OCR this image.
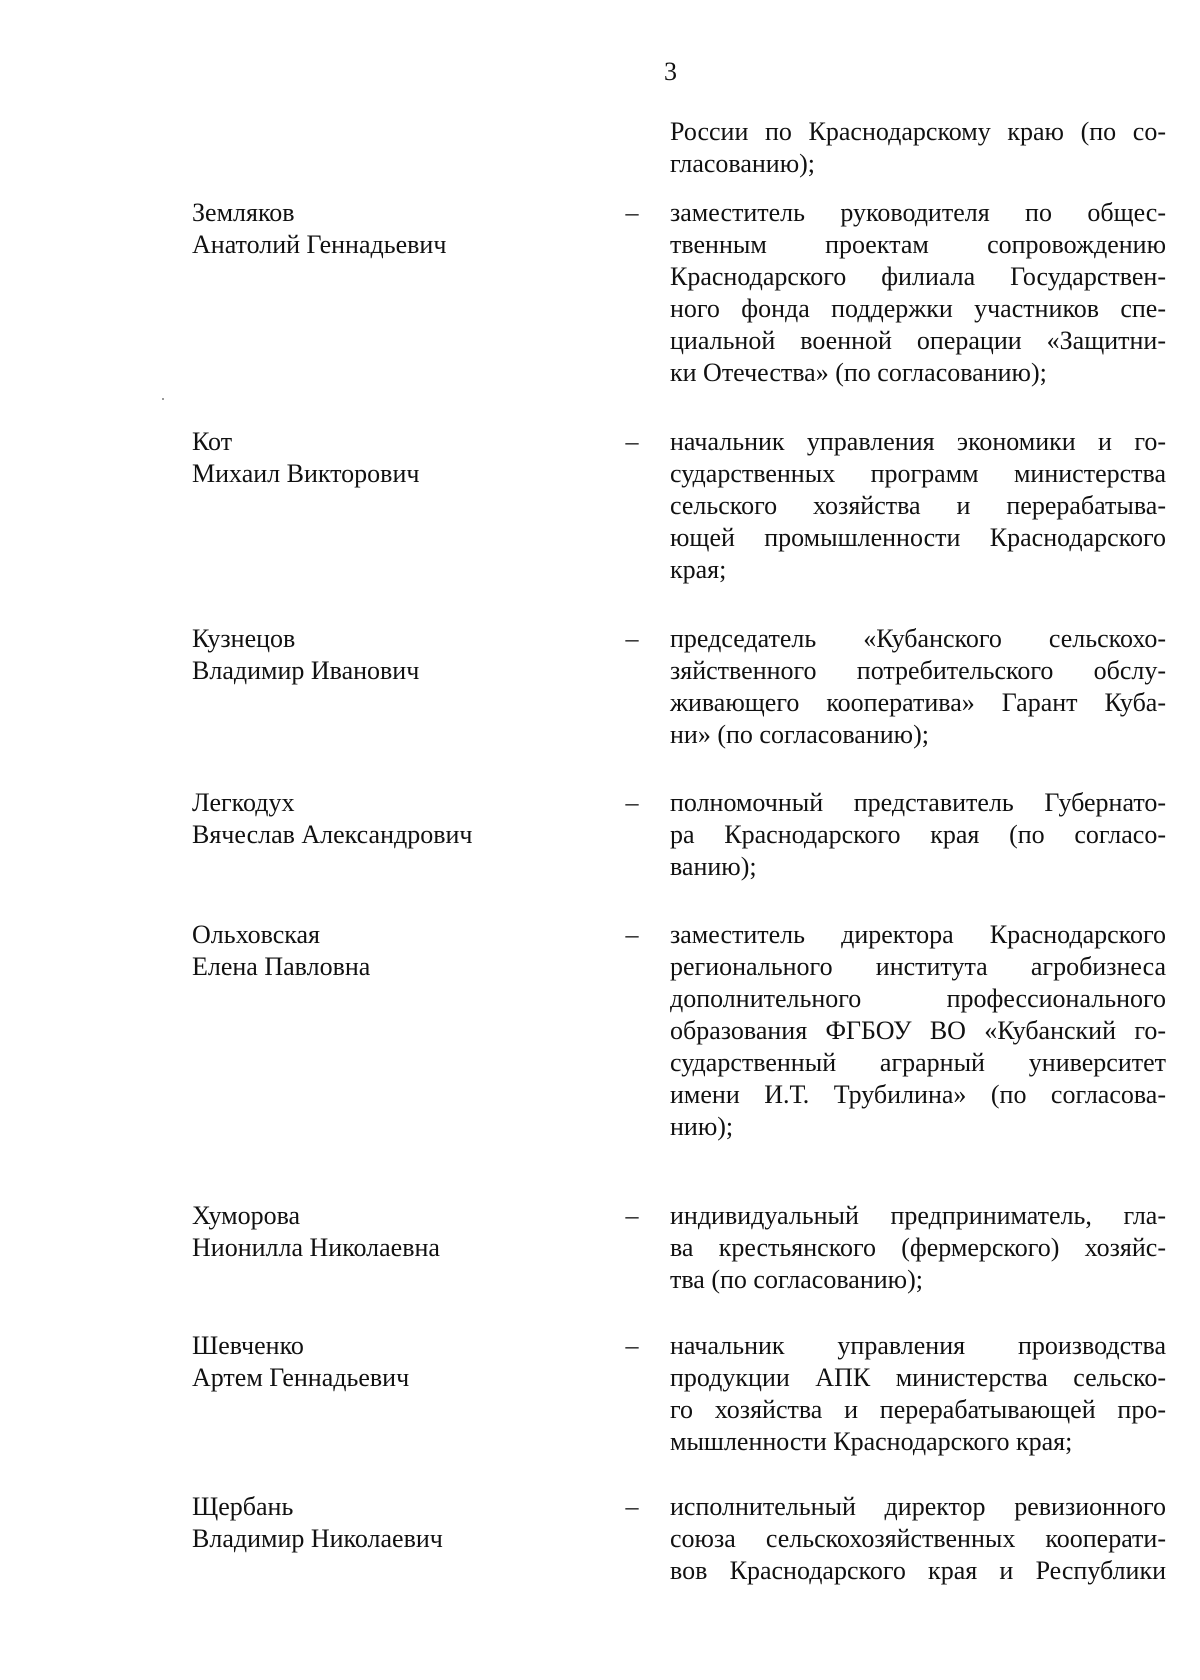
3
России по Краснодарскому краю (по со-
гласованию);
Земляков
Анатолий Геннадьевич
– заместитель руководителя по общес-
твенным проектам сопровождению
Краснодарского филиала Государствен-
ного фонда поддержки участников спе-
циальной военной операции «Защитни-
ки Отечества» (по согласованию);
Кот
Михаил Викторович
– начальник управления экономики и го-
сударственных программ министерства
сельского хозяйства и перерабатыва-
ющей промышленности Краснодарского
края;
Кузнецов
Владимир Иванович
– председатель «Кубанского сельскохо-
зяйственного потребительского обслу-
живающего кооператива» Гарант Куба-
ни» (по согласованию);
Легкодух
Вячеслав Александрович
– полномочный представитель Губернато-
ра Краснодарского края (по согласо-
ванию);
Ольховская
Елена Павловна
– заместитель директора Краснодарского
регионального института агробизнеса
дополнительного профессионального
образования ФГБОУ ВО «Кубанский го-
сударственный аграрный университет
имени И.Т. Трубилина» (по согласова-
нию);
Хуморова
Нионилла Николаевна
– индивидуальный предприниматель, гла-
ва крестьянского (фермерского) хозяйс-
тва (по согласованию);
Шевченко
Артем Геннадьевич
– начальник управления производства
продукции АПК министерства сельско-
го хозяйства и перерабатывающей про-
мышленности Краснодарского края;
Щербань
Владимир Николаевич
– исполнительный директор ревизионного
союза сельскохозяйственных кооперати-
вов Краснодарского края и Республики
